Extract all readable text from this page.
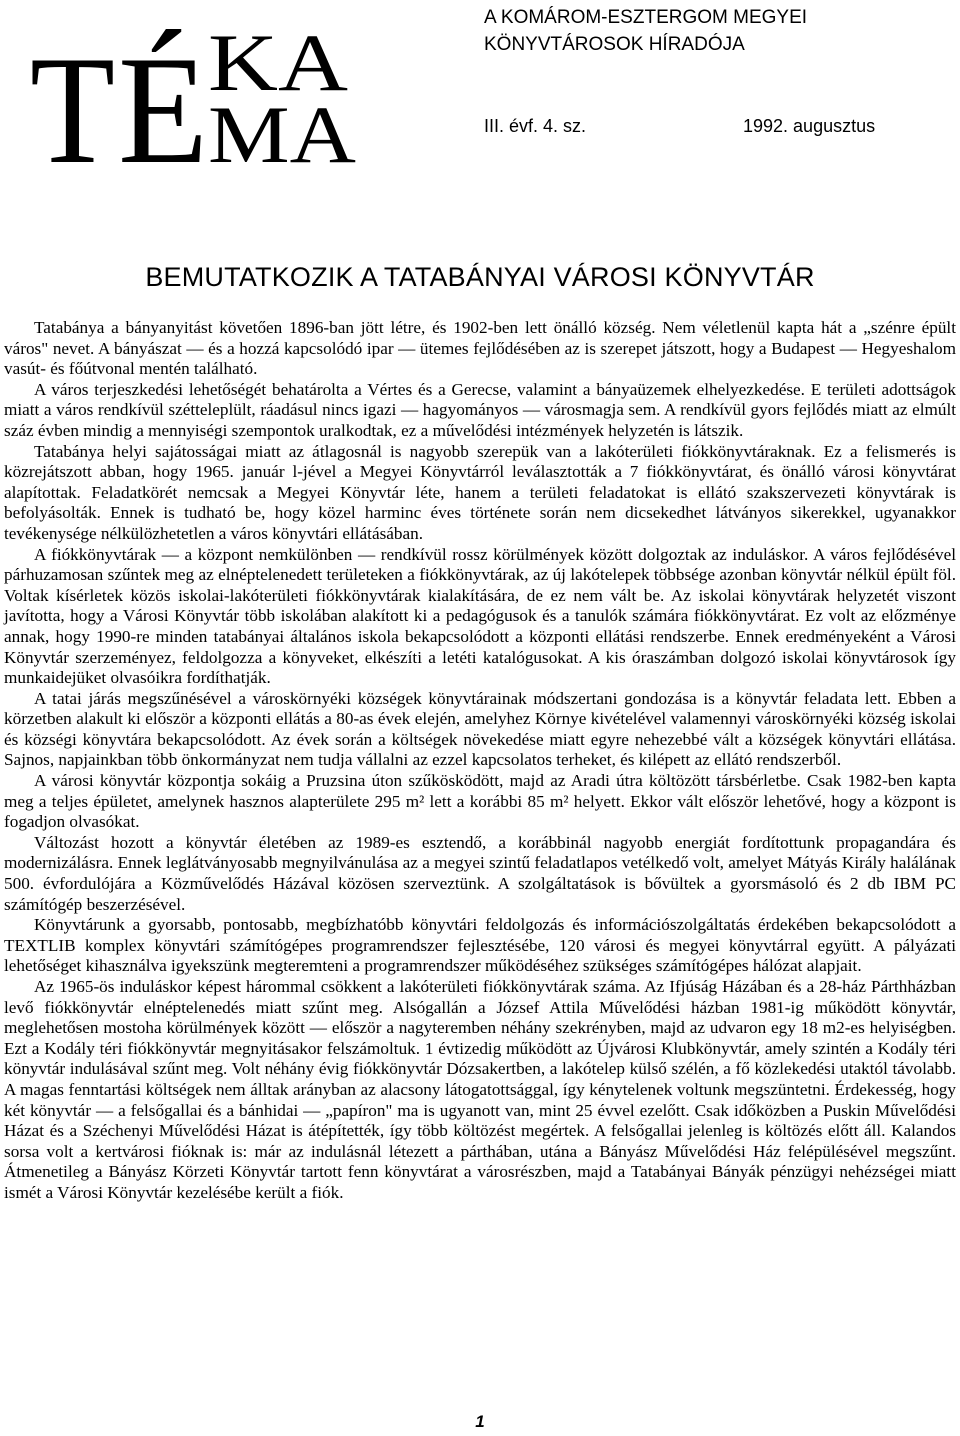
T É KA
MA
A KOMÁROM-ESZTERGOM MEGYEI
KÖNYVTÁROSOK HÍRADÓJA
III. évf. 4. sz.	1992. augusztus
BEMUTATKOZIK A TATABÁNYAI VÁROSI KÖNYVTÁR

Tatabánya a bányanyitást követően 1896-ban jött létre, és 1902-ben lett önálló község. Nem véletlenül kapta hát a „szénre épült város" nevet. A bányászat — és a hozzá kapcsolódó ipar — ütemes fejlődésében az is szerepet játszott, hogy a Budapest — Hegyeshalom vasút- és főútvonal mentén található.

A város terjeszkedési lehetőségét behatárolta a Vértes és a Gerecse, valamint a bányaüzemek elhelyezkedése. E területi adottságok miatt a város rendkívül szétteleplült, ráadásul nincs igazi — hagyományos — városmagja sem. A rendkívül gyors fejlődés miatt az elmúlt száz évben mindig a mennyiségi szempontok uralkodtak, ez a művelődési intézmények helyzetén is látszik.

Tatabánya helyi sajátosságai miatt az átlagosnál is nagyobb szerepük van a lakóterületi fiókkönyvtáraknak. Ez a felismerés is közrejátszott abban, hogy 1965. január l-jével a Megyei Könyvtárról leválasztották a 7 fiókkönyvtárat, és önálló városi könyvtárat alapítottak. Feladatkörét nemcsak a Megyei Könyvtár léte, hanem a területi feladatokat is ellátó szakszervezeti könyvtárak is befolyásolták. Ennek is tudható be, hogy közel harminc éves története során nem dicsekedhet látványos sikerekkel, ugyanakkor tevékenysége nélkülözhetetlen a város könyvtári ellátásában.

A fiókkönyvtárak — a központ nemkülönben — rendkívül rossz körülmények között dolgoztak az induláskor. A város fejlődésével párhuzamosan szűntek meg az elnéptelenedett területeken a fiókkönyvtárak, az új lakótelepek többsége azonban könyvtár nélkül épült föl. Voltak kísérletek közös iskolai-lakóterületi fiókkönyvtárak kialakítására, de ez nem vált be. Az iskolai könyvtárak helyzetét viszont javította, hogy a Városi Könyvtár több iskolában alakított ki a pedagógusok és a tanulók számára fiókkönyvtárat. Ez volt az előzménye annak, hogy 1990-re minden tatabányai általános iskola bekapcsolódott a központi ellátási rendszerbe. Ennek eredményeként a Városi Könyvtár szerzeményez, feldolgozza a könyveket, elkészíti a letéti katalógusokat. A kis óraszámban dolgozó iskolai könyvtárosok így munkaidejüket olvasóikra fordíthatják.

A tatai járás megszűnésével a városkörnyéki községek könyvtárainak módszertani gondozása is a könyvtár feladata lett. Ebben a körzetben alakult ki először a központi ellátás a 80-as évek elején, amelyhez Környe kivételével valamennyi városkörnyéki község iskolai és községi könyvtára bekapcsolódott. Az évek során a költségek növekedése miatt egyre nehezebbé vált a községek könyvtári ellátása. Sajnos, napjainkban több önkormányzat nem tudja vállalni az ezzel kapcsolatos terheket, és kilépett az ellátó rendszerből.

A városi könyvtár központja sokáig a Pruzsina úton szűkösködött, majd az Aradi útra költözött társbérletbe. Csak 1982-ben kapta meg a teljes épületet, amelynek hasznos alapterülete 295 m² lett a korábbi 85 m² helyett. Ekkor vált először lehetővé, hogy a központ is fogadjon olvasókat.

Változást hozott a könyvtár életében az 1989-es esztendő, a korábbinál nagyobb energiát fordítottunk propagandára és modernizálásra. Ennek leglátványosabb megnyilvánulása az a megyei szintű feladatlapos vetélkedő volt, amelyet Mátyás Király halálának 500. évfordulójára a Közművelődés Házával közösen szerveztünk. A szolgáltatások is bővültek a gyorsmásoló és 2 db IBM PC számítógép beszerzésével.

Könyvtárunk a gyorsabb, pontosabb, megbízhatóbb könyvtári feldolgozás és információszolgáltatás érdekében bekapcsolódott a TEXTLIB komplex könyvtári számítógépes programrendszer fejlesztésébe, 120 városi és megyei könyvtárral együtt. A pályázati lehetőséget kihasználva igyekszünk megteremteni a programrendszer működéséhez szükséges számítógépes hálózat alapjait.

Az 1965-ös induláskor képest hárommal csökkent a lakóterületi fiókkönyvtárak száma. Az Ifjúság Házában és a 28-ház Párthházban levő fiókkönyvtár elnéptelenedés miatt szűnt meg. Alsógallán a József Attila Művelődési házban 1981-ig működött könyvtár, meglehetősen mostoha körülmények között — először a nagyteremben néhány szekrényben, majd az udvaron egy 18 m2-es helyiségben. Ezt a Kodály téri fiókkönyvtár megnyitásakor felszámoltuk. 1 évtizedig működött az Újvárosi Klubkönyvtár, amely szintén a Kodály téri könyvtár indulásával szűnt meg. Volt néhány évig fiókkönyvtár Dózsakertben, a lakótelep külső szélén, a fő közlekedési utaktól távolabb. A magas fenntartási költségek nem álltak arányban az alacsony látogatottsággal, így kénytelenek voltunk megszüntetni. Érdekesség, hogy két könyvtár — a felsőgallai és a bánhidai — „papíron" ma is ugyanott van, mint 25 évvel ezelőtt. Csak időközben a Puskin Művelődési Házat és a Széchenyi Művelődési Házat is átépítették, így több költözést megértek. A felsőgallai jelenleg is költözés előtt áll. Kalandos sorsa volt a kertvárosi fióknak is: már az indulásnál létezett a párthában, utána a Bányász Művelődési Ház felépülésével megszűnt. Átmenetileg a Bányász Körzeti Könyvtár tartott fenn könyvtárat a városrészben, majd a Tatabányai Bányák pénzügyi nehézségei miatt ismét a Városi Könyvtár kezelésébe került a fiók.

1
